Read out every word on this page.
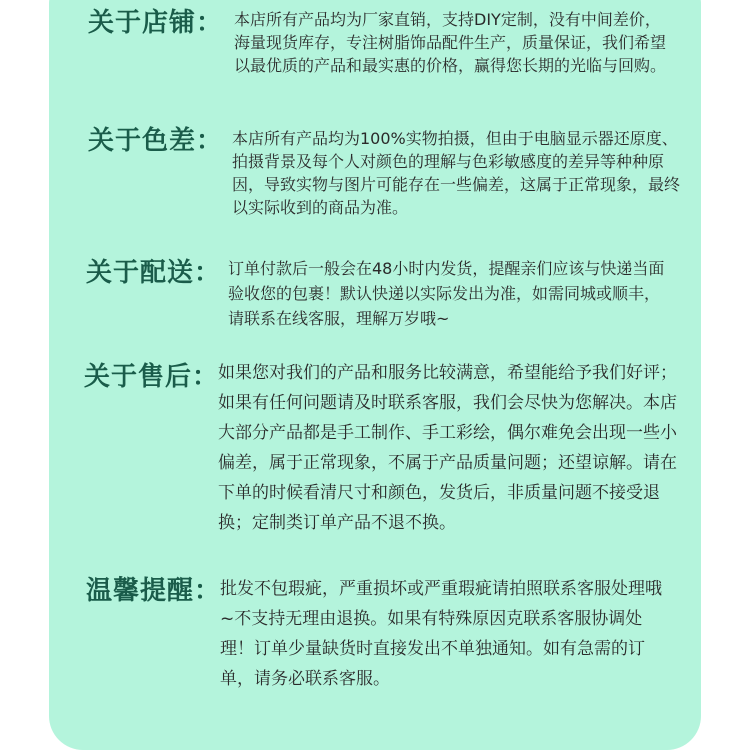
关于店铺： 本店所有产品均为厂家直销，支持DIY定制，没有中间差价，海量现货库存，专注树脂饰品配件生产，质量保证，我们希望以最优质的产品和最实惠的价格，赢得您长期的光临与回购。
关于色差： 本店所有产品均为100%实物拍摄，但由于电脑显示器还原度、拍摄背景及每个人对颜色的理解与色彩敏感度的差异等种种原因，导致实物与图片可能存在一些偏差，这属于正常现象，最终以实际收到的商品为准。
关于配送： 订单付款后一般会在48小时内发货，提醒亲们应该与快递当面验收您的包裹！默认快递以实际发出为准，如需同城或顺丰，请联系在线客服，理解万岁哦~
关于售后：
如果您对我们的产品和服务比较满意，希望能给予我们好评；如果有任何问题请及时联系客服，我们会尽快为您解决。本店大部分产品都是手工制作、手工彩绘，偶尔难免会出现一些小偏差，属于正常现象，不属于产品质量问题；还望谅解。请在下单的时候看清尺寸和颜色，发货后，非质量问题不接受退换；定制类订单产品不退不换。
温馨提醒：
批发不包瑕疵，严重损坏或严重瑕疵请拍照联系客服处理哦~不支持无理由退换。如果有特殊原因克联系客服协调处理！订单少量缺货时直接发出不单独通知。如有急需的订单，请务必联系客服。
